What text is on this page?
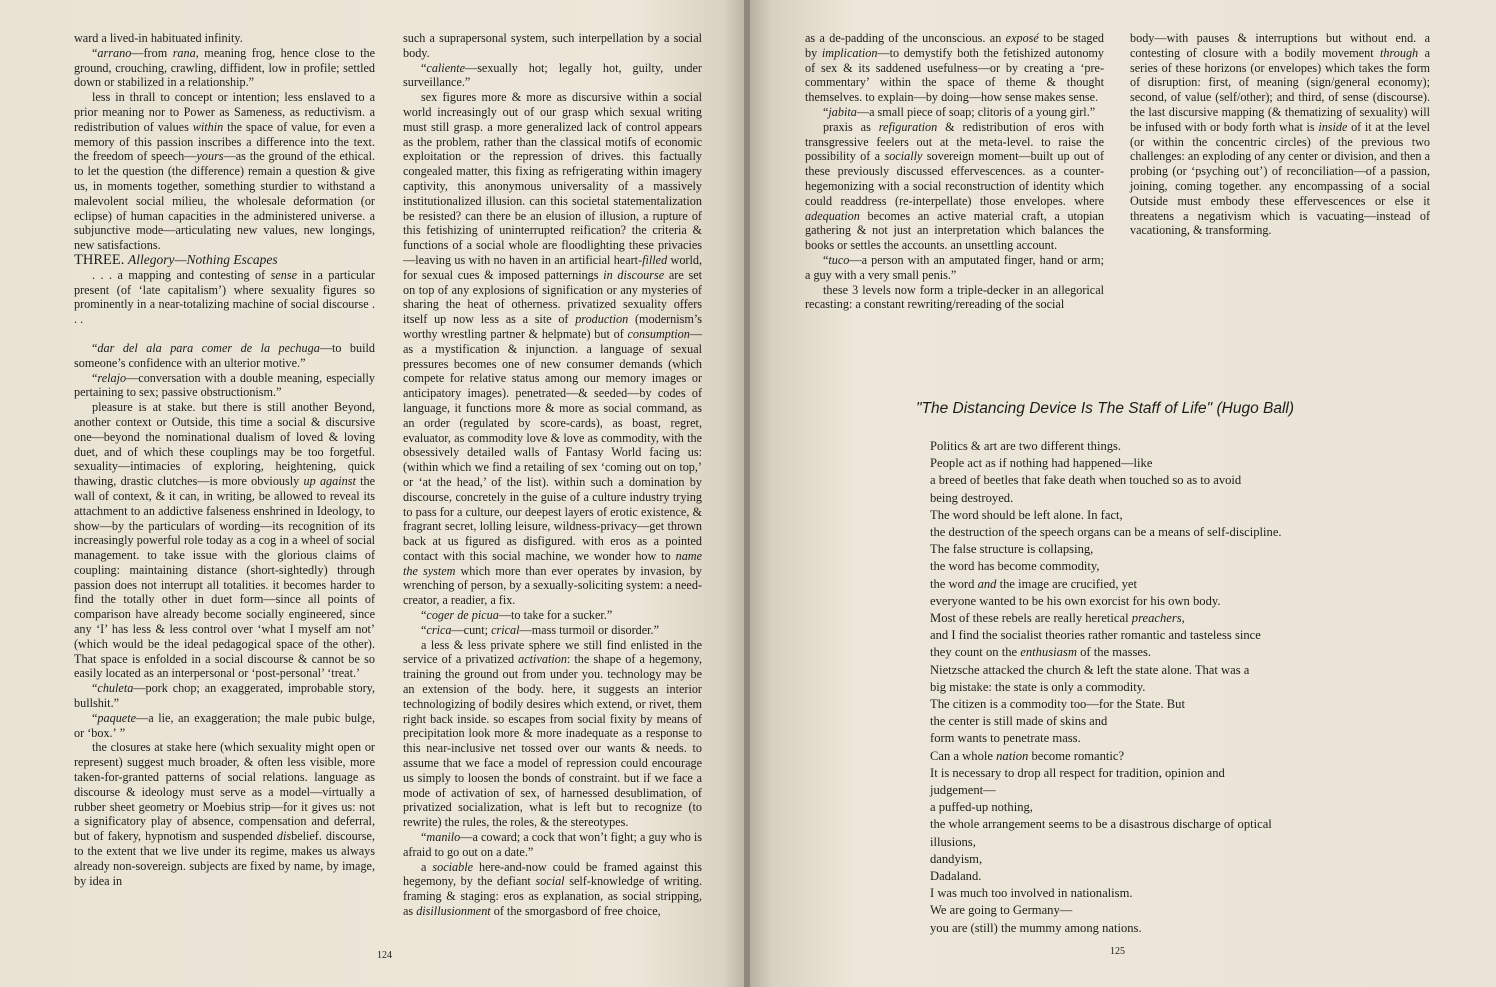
ward a lived-in habituated infinity.

“arrano—from rana, meaning frog, hence close to the ground, crouching, crawling, diffident, low in profile; settled down or stabilized in a relationship.”

less in thrall to concept or intention; less enslaved to a prior meaning nor to Power as Sameness, as reductivism. a redistribution of values within the space of value, for even a memory of this passion inscribes a difference into the text. the freedom of speech—yours—as the ground of the ethical. to let the question (the difference) remain a question & give us, in moments together, something sturdier to withstand a malevolent social milieu, the wholesale deformation (or eclipse) of human capacities in the administered universe. a subjunctive mode—articulating new values, new longings, new satisfactions.

THREE. Allegory—Nothing Escapes

. . . a mapping and contesting of sense in a particular present (of ‘late capitalism’) where sexuality figures so prominently in a near-totalizing machine of social discourse . . .

“dar del ala para comer de la pechuga—to build someone’s confidence with an ulterior motive.”

“relajo—conversation with a double meaning, especially pertaining to sex; passive obstructionism.”

pleasure is at stake. but there is still another Beyond, another context or Outside, this time a social & discursive one—beyond the nominational dualism of loved & loving duet, and of which these couplings may be too forgetful. sexuality—intimacies of exploring, heightening, quick thawing, drastic clutches—is more obviously up against the wall of context, & it can, in writing, be allowed to reveal its attachment to an addictive falseness enshrined in Ideology, to show—by the particulars of wording—its recognition of its increasingly powerful role today as a cog in a wheel of social management. to take issue with the glorious claims of coupling: maintaining distance (short-sightedly) through passion does not interrupt all totalities. it becomes harder to find the totally other in duet form—since all points of comparison have already become socially engineered, since any ‘I’ has less & less control over ‘what I myself am not’ (which would be the ideal pedagogical space of the other). That space is enfolded in a social discourse & cannot be so easily located as an interpersonal or ‘post-personal’ ‘treat.’

“chuleta—pork chop; an exaggerated, improbable story, bullshit.”

“paquete—a lie, an exaggeration; the male pubic bulge, or ‘box.’ ”

the closures at stake here (which sexuality might open or represent) suggest much broader, & often less visible, more taken-for-granted patterns of social relations. language as discourse & ideology must serve as a model—virtually a rubber sheet geometry or Moebius strip—for it gives us: not a significatory play of absence, compensation and deferral, but of fakery, hypnotism and suspended disbelief. discourse, to the extent that we live under its regime, makes us always already non-sovereign. subjects are fixed by name, by image, by idea in

such a suprapersonal system, such interpellation by a social body.

“caliente—sexually hot; legally hot, guilty, under surveillance.”

sex figures more & more as discursive within a social world increasingly out of our grasp which sexual writing must still grasp. a more generalized lack of control appears as the problem, rather than the classical motifs of economic exploitation or the repression of drives. this factually congealed matter, this fixing as refrigerating within imagery captivity, this anonymous universality of a massively institutionalized illusion. can this societal statementalization be resisted? can there be an elusion of illusion, a rupture of this fetishizing of uninterrupted reification? the criteria & functions of a social whole are floodlighting these privacies—leaving us with no haven in an artificial heart-filled world, for sexual cues & imposed patternings in discourse are set on top of any explosions of signification or any mysteries of sharing the heat of otherness. privatized sexuality offers itself up now less as a site of production (modernism’s worthy wrestling partner & helpmate) but of consumption—as a mystification & injunction. a language of sexual pressures becomes one of new consumer demands (which compete for relative status among our memory images or anticipatory images). penetrated—& seeded—by codes of language, it functions more & more as social command, as an order (regulated by score-cards), as boast, regret, evaluator, as commodity love & love as commodity, with the obsessively detailed walls of Fantasy World facing us: (within which we find a retailing of sex ‘coming out on top,’ or ‘at the head,’ of the list). within such a domination by discourse, concretely in the guise of a culture industry trying to pass for a culture, our deepest layers of erotic existence, & fragrant secret, lolling leisure, wildness-privacy—get thrown back at us figured as disfigured. with eros as a pointed contact with this social machine, we wonder how to name the system which more than ever operates by invasion, by wrenching of person, by a sexually-soliciting system: a need-creator, a readier, a fix.

“coger de picua—to take for a sucker.”

“crica—cunt; crical—mass turmoil or disorder.”

a less & less private sphere we still find enlisted in the service of a privatized activation: the shape of a hegemony, training the ground out from under you. technology may be an extension of the body. here, it suggests an interior technologizing of bodily desires which extend, or rivet, them right back inside. so escapes from social fixity by means of precipitation look more & more inadequate as a response to this near-inclusive net tossed over our wants & needs. to assume that we face a model of repression could encourage us simply to loosen the bonds of constraint. but if we face a mode of activation of sex, of harnessed desublimation, of privatized socialization, what is left but to recognize (to rewrite) the rules, the roles, & the stereotypes.

“manilo—a coward; a cock that won’t fight; a guy who is afraid to go out on a date.”

a sociable here-and-now could be framed against this hegemony, by the defiant social self-knowledge of writing. framing & staging: eros as explanation, as social stripping, as disillusionment of the smorgasbord of free choice,

124

as a de-padding of the unconscious. an exposé to be staged by implication—to demystify both the fetishized autonomy of sex & its saddened usefulness—or by creating a ‘pre-commentary’ within the space of theme & thought themselves. to explain—by doing—how sense makes sense.

“jabita—a small piece of soap; clitoris of a young girl.”

praxis as refiguration & redistribution of eros with transgressive feelers out at the meta-level. to raise the possibility of a socially sovereign moment—built up out of these previously discussed effervescences. as a counter-hegemonizing with a social reconstruction of identity which could readdress (re-interpellate) those envelopes. where adequation becomes an active material craft, a utopian gathering & not just an interpretation which balances the books or settles the accounts. an unsettling account.

“tuco—a person with an amputated finger, hand or arm; a guy with a very small penis.”

these 3 levels now form a triple-decker in an allegorical recasting: a constant rewriting/rereading of the social

body—with pauses & interruptions but without end. a contesting of closure with a bodily movement through a series of these horizons (or envelopes) which takes the form of disruption: first, of meaning (sign/general economy); second, of value (self/other); and third, of sense (discourse). the last discursive mapping (& thematizing of sexuality) will be infused with or body forth what is inside of it at the level (or within the concentric circles) of the previous two challenges: an exploding of any center or division, and then a probing (or ‘psyching out’) of reconciliation—of a passion, joining, coming together. any encompassing of a social Outside must embody these effervescences or else it threatens a negativism which is vacuating—instead of vacationing, & transforming.

"The Distancing Device Is The Staff of Life" (Hugo Ball)
Politics & art are two different things.
People act as if nothing had happened—like
a breed of beetles that fake death when touched so as to avoid
being destroyed.
The word should be left alone. In fact,
the destruction of the speech organs can be a means of self-discipline.
The false structure is collapsing,
the word has become commodity,
the word and the image are crucified, yet
everyone wanted to be his own exorcist for his own body.
Most of these rebels are really heretical preachers,
and I find the socialist theories rather romantic and tasteless since
they count on the enthusiasm of the masses.
Nietzsche attacked the church & left the state alone. That was a
big mistake: the state is only a commodity.
The citizen is a commodity too—for the State. But
the center is still made of skins and
form wants to penetrate mass.
Can a whole nation become romantic?
It is necessary to drop all respect for tradition, opinion and
judgement—
a puffed-up nothing,
the whole arrangement seems to be a disastrous discharge of optical
illusions,
dandyism,
Dadaland.
I was much too involved in nationalism.
We are going to Germany—
you are (still) the mummy among nations.
125
